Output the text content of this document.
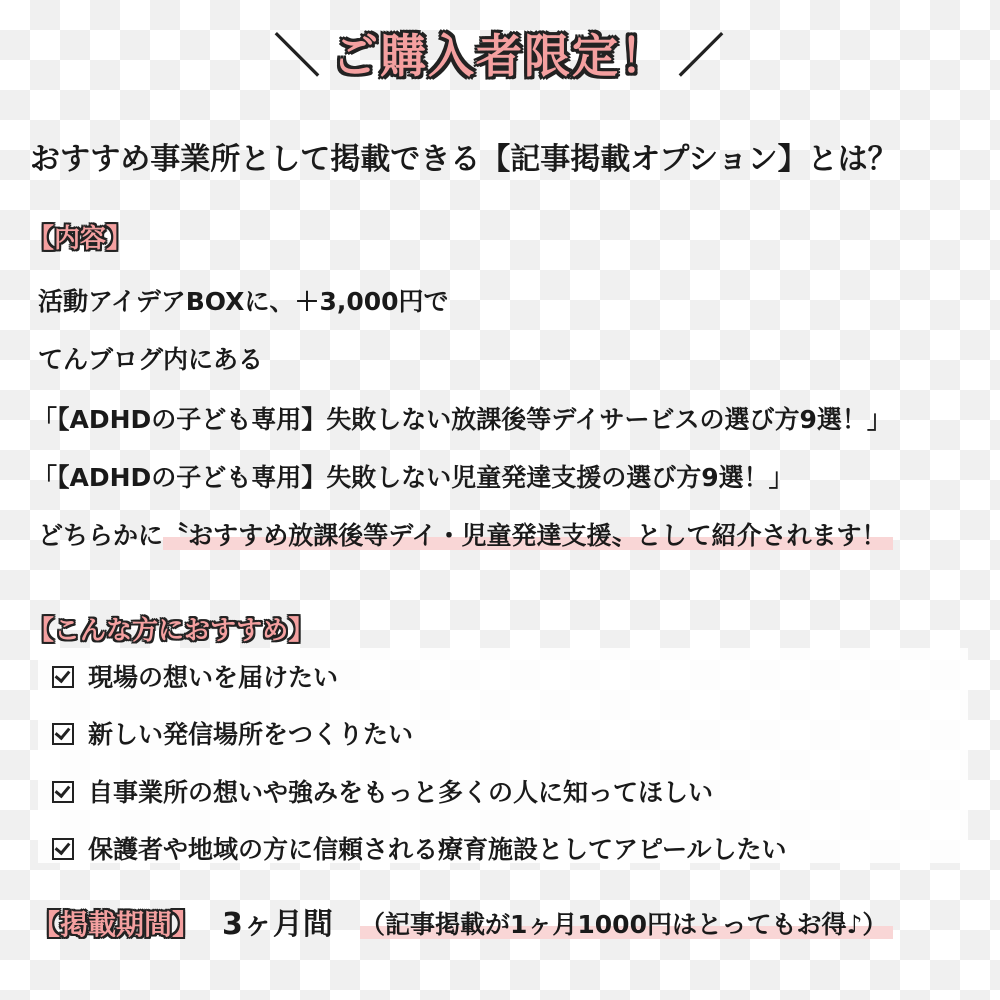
＼ ご購入者限定！ ／
おすすめ事業所として掲載できる【記事掲載オプション】とは？
【内容】
活動アイデアBOXに、＋3,000円で
てんブログ内にある
「【ADHDの子ども専用】失敗しない放課後等デイサービスの選び方9選！」
「【ADHDの子ども専用】失敗しない児童発達支援の選び方9選！」
どちらかに〝おすすめ放課後等デイ・児童発達支援〟として紹介されます！
【こんな方におすすめ】
現場の想いを届けたい
新しい発信場所をつくりたい
自事業所の想いや強みをもっと多くの人に知ってほしい
保護者や地域の方に信頼される療育施設としてアピールしたい
【掲載期間】 3ヶ月間 （記事掲載が1ヶ月1000円はとってもお得♪）
